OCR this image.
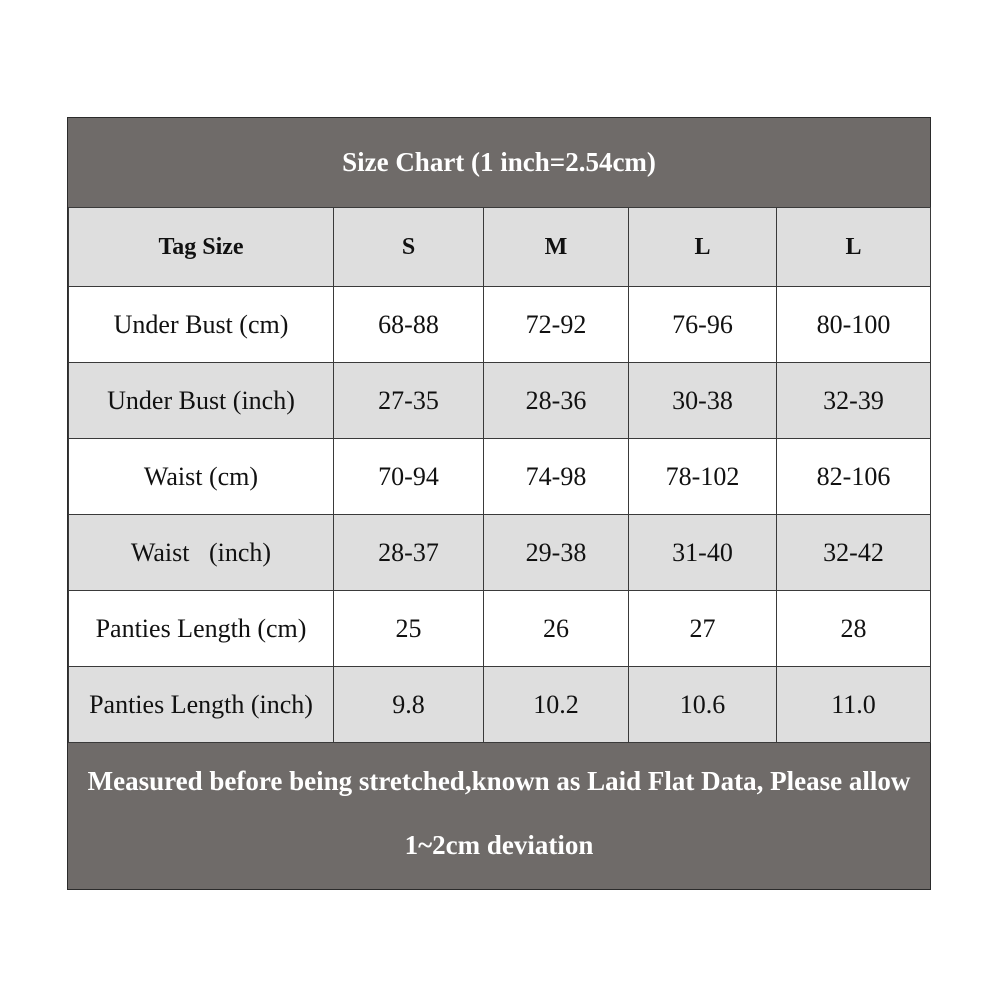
Size Chart (1 inch=2.54cm)
Tag Size	S	M	L	L
Under Bust (cm)	68-88	72-92	76-96	80-100
Under Bust (inch)	27-35	28-36	30-38	32-39
Waist (cm)	70-94	74-98	78-102	82-106
Waist   (inch)	28-37	29-38	31-40	32-42
Panties Length (cm)	25	26	27	28
Panties Length (inch)	9.8	10.2	10.6	11.0
Measured before being stretched,known as Laid Flat Data, Please allow
1~2cm deviation
